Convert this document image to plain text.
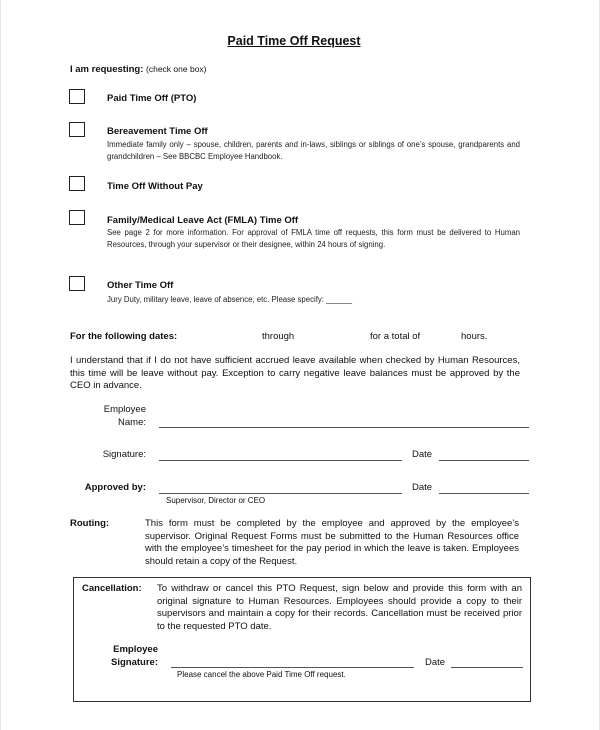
Paid Time Off Request
I am requesting: (check one box)
Paid Time Off (PTO)
Bereavement Time Off
Immediate family only – spouse, children, parents and in-laws, siblings or siblings of one’s spouse, grandparents and grandchildren – See BBCBC Employee Handbook.
Time Off Without Pay
Family/Medical Leave Act (FMLA) Time Off
See page 2 for more information. For approval of FMLA time off requests, this form must be delivered to Human Resources, through your supervisor or their designee, within 24 hours of signing.
Other Time Off
Jury Duty, military leave, leave of absence, etc. Please specify: ______
For the following dates:	through	for a total of	hours.
I understand that if I do not have sufficient accrued leave available when checked by Human Resources, this time will be leave without pay. Exception to carry negative leave balances must be approved by the CEO in advance.
Employee
Name:
Signature:	Date
Approved by:	Date
Supervisor, Director or CEO
Routing:	This form must be completed by the employee and approved by the employee’s supervisor. Original Request Forms must be submitted to the Human Resources office with the employee’s timesheet for the pay period in which the leave is taken. Employees should retain a copy of the Request.
Cancellation: To withdraw or cancel this PTO Request, sign below and provide this form with an original signature to Human Resources. Employees should provide a copy to their supervisors and maintain a copy for their records. Cancellation must be received prior to the requested PTO date.
Employee
Signature:	Date
Please cancel the above Paid Time Off request.
